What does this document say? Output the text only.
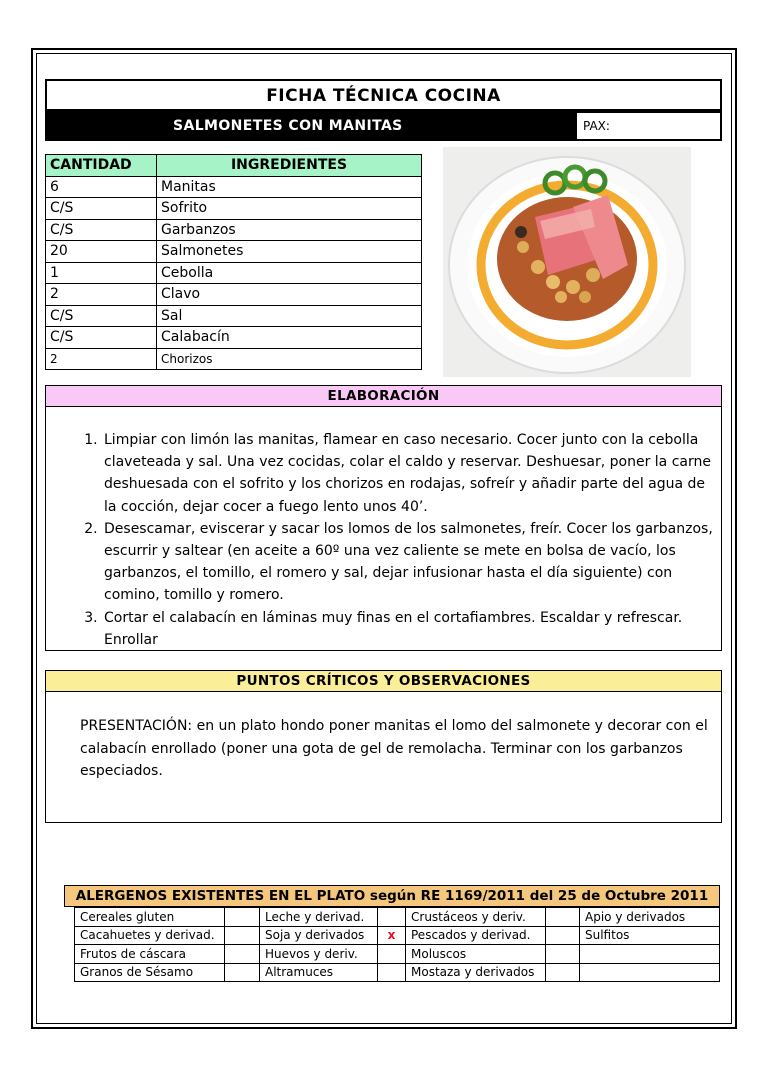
FICHA TÉCNICA COCINA
SALMONETES CON MANITAS	PAX:
CANTIDAD	INGREDIENTES
6	Manitas
C/S	Sofrito
C/S	Garbanzos
20	Salmonetes
1	Cebolla
2	Clavo
C/S	Sal
C/S	Calabacín
2	Chorizos
ELABORACIÓN
1. Limpiar con limón las manitas, flamear en caso necesario. Cocer junto con la cebolla claveteada y sal. Una vez cocidas, colar el caldo y reservar. Deshuesar, poner la carne deshuesada con el sofrito y los chorizos en rodajas, sofreír y añadir parte del agua de la cocción, dejar cocer a fuego lento unos 40’.
2. Desescamar, eviscerar y sacar los lomos de los salmonetes, freír. Cocer los garbanzos, escurrir y saltear (en aceite a 60º una vez caliente se mete en bolsa de vacío, los garbanzos, el tomillo, el romero y sal, dejar infusionar hasta el día siguiente) con comino, tomillo y romero.
3. Cortar el calabacín en láminas muy finas en el cortafiambres. Escaldar y refrescar. Enrollar
PUNTOS CRÍTICOS Y OBSERVACIONES

PRESENTACIÓN: en un plato hondo poner manitas el lomo del salmonete y decorar con el calabacín enrollado (poner una gota de gel de remolacha. Terminar con los garbanzos especiados.

ALERGENOS EXISTENTES EN EL PLATO según RE 1169/2011 del 25 de Octubre 2011
Cereales gluten		Leche y derivad.		Crustáceos y deriv.		Apio y derivados
Cacahuetes y derivad.		Soja y derivados	x	Pescados y derivad.		Sulfitos
Frutos de cáscara		Huevos y deriv.		Moluscos		
Granos de Sésamo		Altramuces		Mostaza y derivados		
